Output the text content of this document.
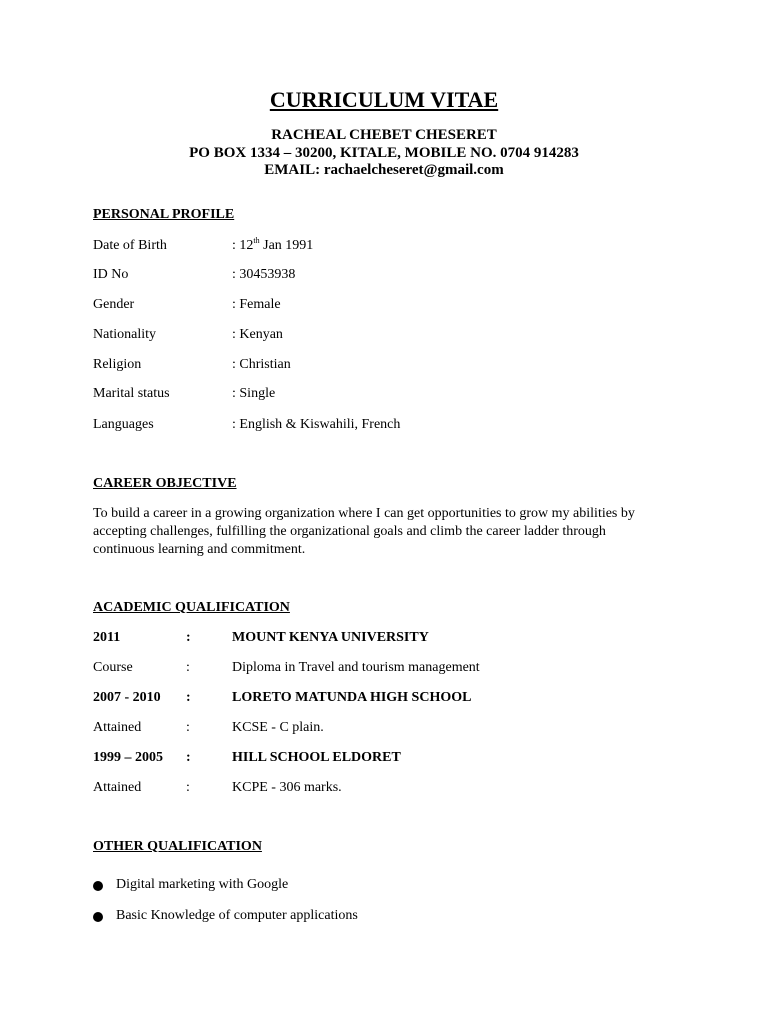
CURRICULUM VITAE
RACHEAL CHEBET CHESERET
PO BOX 1334 – 30200, KITALE, MOBILE NO. 0704 914283
EMAIL: rachaelcheseret@gmail.com
PERSONAL PROFILE
Date of Birth	: 12th Jan 1991
ID No	: 30453938
Gender	: Female
Nationality	: Kenyan
Religion	: Christian
Marital status	: Single
Languages	: English & Kiswahili, French
CAREER OBJECTIVE
To build a career in a growing organization where I can get opportunities to grow my abilities by accepting challenges, fulfilling the organizational goals and climb the career ladder through continuous learning and commitment.
ACADEMIC QUALIFICATION
2011	:	MOUNT KENYA UNIVERSITY
Course	:	Diploma in Travel and tourism management
2007 - 2010 :	LORETO MATUNDA HIGH SCHOOL
Attained	:	KCSE - C plain.
1999 – 2005 :	HILL SCHOOL ELDORET
Attained	:	KCPE - 306 marks.
OTHER QUALIFICATION
Digital marketing with Google
Basic Knowledge of computer applications
